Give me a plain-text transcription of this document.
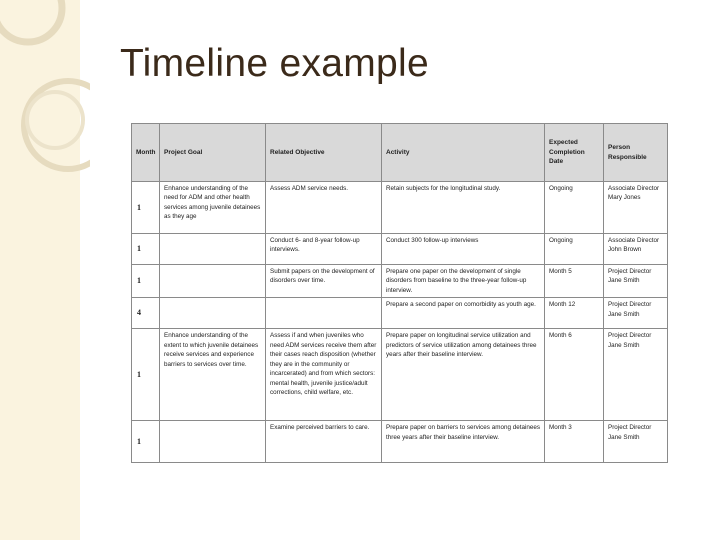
Timeline example
Month	Project Goal	Related Objective	Activity	Expected Completion Date	Person Responsible
1	Enhance understanding of the need for ADM and other health services among juvenile detainees as they age	Assess ADM service needs.	Retain subjects for the longitudinal study.	Ongoing	Associate Director Mary Jones
1		Conduct 6- and 8-year follow-up interviews.	Conduct 300 follow-up interviews	Ongoing	Associate Director John Brown
1		Submit papers on the development of disorders over time.	Prepare one paper on the development of single disorders from baseline to the three-year follow-up interview.	Month 5	Project Director Jane Smith
4			Prepare a second paper on comorbidity as youth age.	Month 12	Project Director Jane Smith
1	Enhance understanding of the extent to which juvenile detainees receive services and experience barriers to services over time.	Assess if and when juveniles who need ADM services receive them after their cases reach disposition (whether they are in the community or incarcerated) and from which sectors: mental health, juvenile justice/adult corrections, child welfare, etc.	Prepare paper on longitudinal service utilization and predictors of service utilization among detainees three years after their baseline interview.	Month 6	Project Director Jane Smith
1		Examine perceived barriers to care.	Prepare paper on barriers to services among detainees three years after their baseline interview.	Month 3	Project Director Jane Smith
